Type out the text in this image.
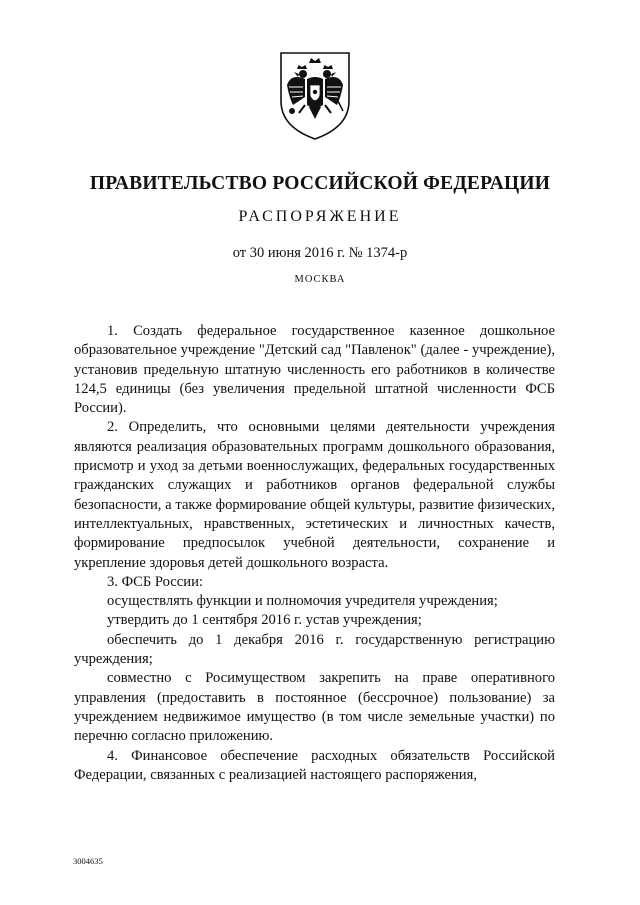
ПРАВИТЕЛЬСТВО РОССИЙСКОЙ ФЕДЕРАЦИИ
РАСПОРЯЖЕНИЕ
от 30 июня 2016 г. № 1374-р
МОСКВА

1. Создать федеральное государственное казенное дошкольное образовательное учреждение "Детский сад "Павленок" (далее - учреждение), установив предельную штатную численность его работников в количестве 124,5 единицы (без увеличения предельной штатной численности ФСБ России).

2. Определить, что основными целями деятельности учреждения являются реализация образовательных программ дошкольного образования, присмотр и уход за детьми военнослужащих, федеральных государственных гражданских служащих и работников органов федеральной службы безопасности, а также формирование общей культуры, развитие физических, интеллектуальных, нравственных, эстетических и личностных качеств, формирование предпосылок учебной деятельности, сохранение и укрепление здоровья детей дошкольного возраста.

3. ФСБ России:

осуществлять функции и полномочия учредителя учреждения;

утвердить до 1 сентября 2016 г. устав учреждения;

обеспечить до 1 декабря 2016 г. государственную регистрацию учреждения;

совместно с Росимуществом закрепить на праве оперативного управления (предоставить в постоянное (бессрочное) пользование) за учреждением недвижимое имущество (в том числе земельные участки) по перечню согласно приложению.

4. Финансовое обеспечение расходных обязательств Российской Федерации, связанных с реализацией настоящего распоряжения,

3004635
